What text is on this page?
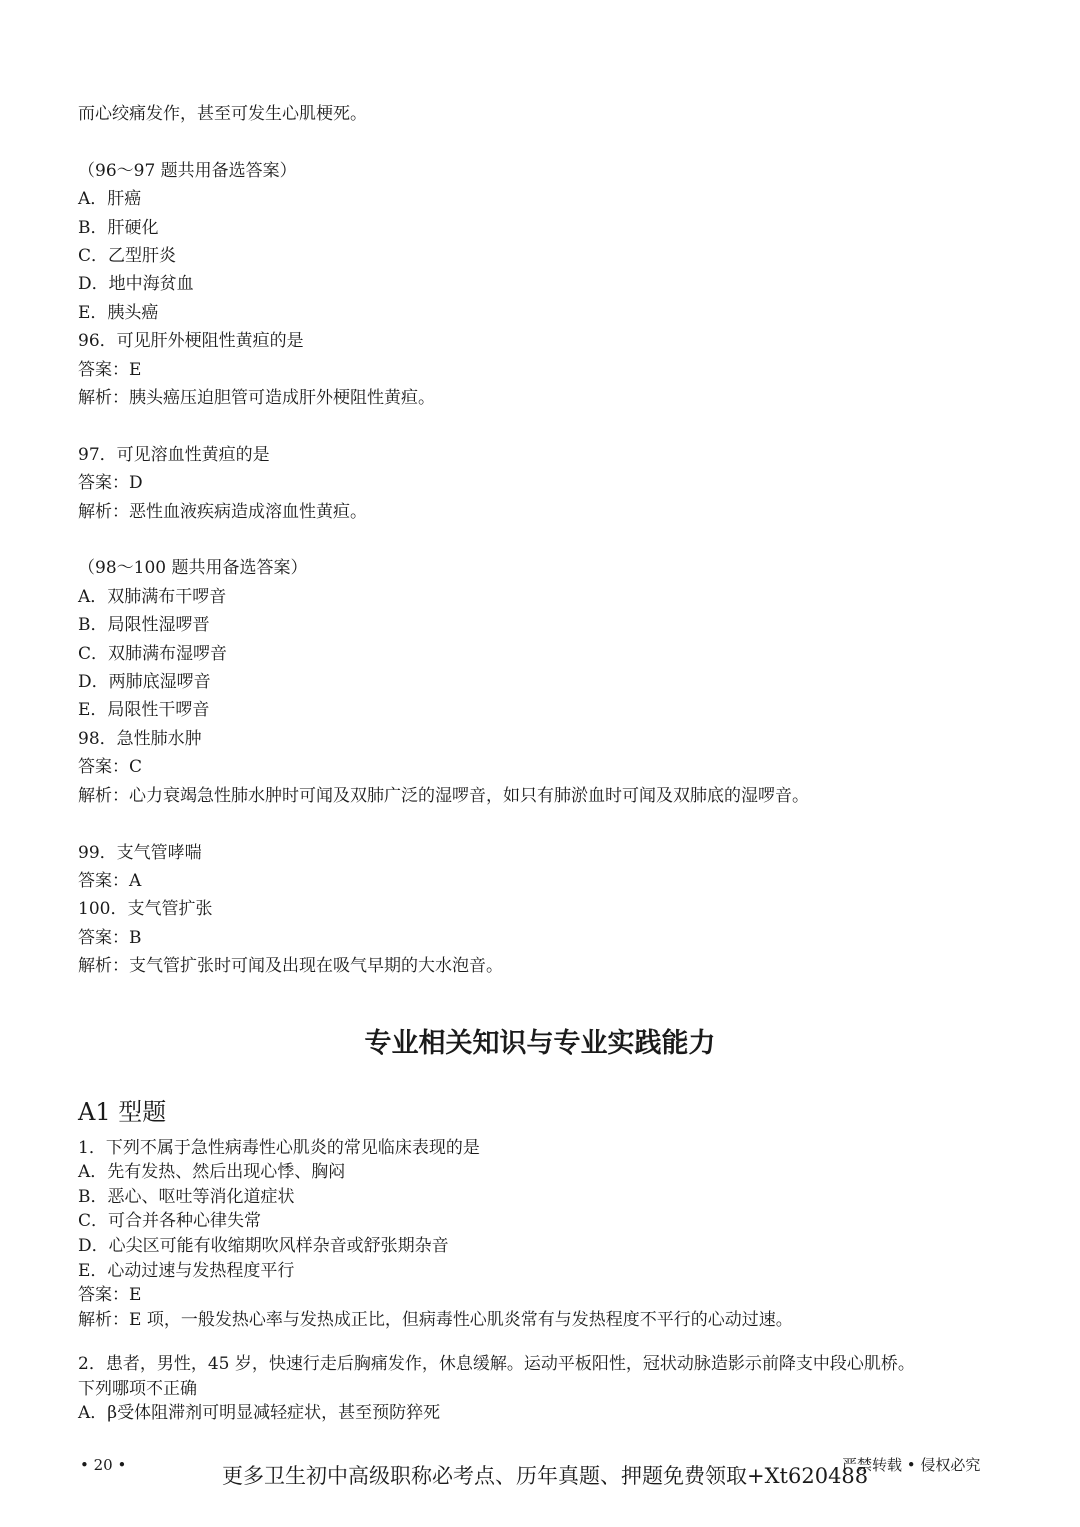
而心绞痛发作，甚至可发生心肌梗死。
（96～97 题共用备选答案）
A．肝癌
B．肝硬化
C．乙型肝炎
D．地中海贫血
E．胰头癌
96．可见肝外梗阻性黄疸的是
答案：E
解析：胰头癌压迫胆管可造成肝外梗阻性黄疸。
97．可见溶血性黄疸的是
答案：D
解析：恶性血液疾病造成溶血性黄疸。
（98～100 题共用备选答案）
A．双肺满布干啰音
B．局限性湿啰晋
C．双肺满布湿啰音
D．两肺底湿啰音
E．局限性干啰音
98．急性肺水肿
答案：C
解析：心力衰竭急性肺水肿时可闻及双肺广泛的湿啰音，如只有肺淤血时可闻及双肺底的湿啰音。
99．支气管哮喘
答案：A
100．支气管扩张
答案：B
解析：支气管扩张时可闻及出现在吸气早期的大水泡音。
专业相关知识与专业实践能力
A1 型题
1．下列不属于急性病毒性心肌炎的常见临床表现的是
A．先有发热、然后出现心悸、胸闷
B．恶心、呕吐等消化道症状
C．可合并各种心律失常
D．心尖区可能有收缩期吹风样杂音或舒张期杂音
E．心动过速与发热程度平行
答案：E
解析：E 项，一般发热心率与发热成正比，但病毒性心肌炎常有与发热程度不平行的心动过速。
2．患者，男性，45 岁，快速行走后胸痛发作，休息缓解。运动平板阳性，冠状动脉造影示前降支中段心肌桥。
下列哪项不正确
A．β受体阻滞剂可明显减轻症状，甚至预防猝死
• 20 •	更多卫生初中高级职称必考点、历年真题、押题免费领取+Xt620488
严禁转载 • 侵权必究
